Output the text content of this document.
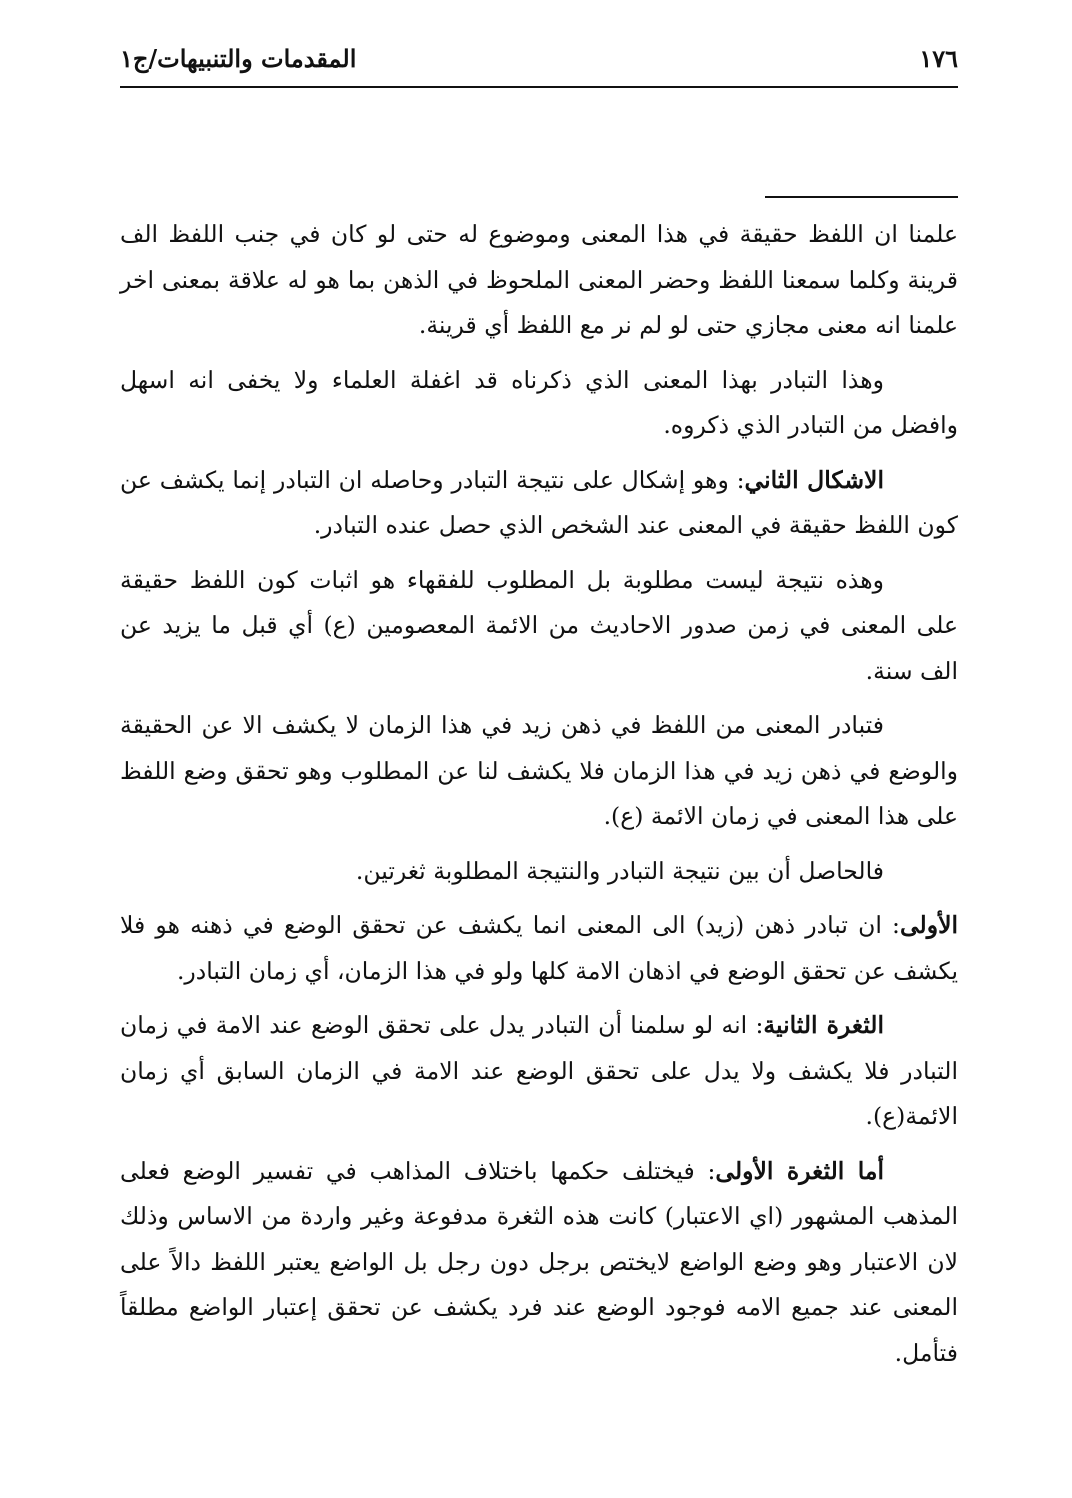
١٧٦
المقدمات والتنبيهات/ج١

علمنا ان اللفظ حقيقة في هذا المعنى وموضوع له حتى لو كان في جنب اللفظ الف قرينة وكلما سمعنا اللفظ وحضر المعنى الملحوظ في الذهن بما هو له علاقة بمعنى اخر علمنا انه معنى مجازي حتى لو لم نر مع اللفظ أي قرينة.

وهذا التبادر بهذا المعنى الذي ذكرناه قد اغفلة العلماء ولا يخفى انه اسهل وافضل من التبادر الذي ذكروه.

الاشكال الثاني: وهو إشكال على نتيجة التبادر وحاصله ان التبادر إنما يكشف عن كون اللفظ حقيقة في المعنى عند الشخص الذي حصل عنده التبادر.

وهذه نتيجة ليست مطلوبة بل المطلوب للفقهاء هو اثبات كون اللفظ حقيقة على المعنى في زمن صدور الاحاديث من الائمة المعصومين (ع) أي قبل ما يزيد عن الف سنة.

فتبادر المعنى من اللفظ في ذهن زيد في هذا الزمان لا يكشف الا عن الحقيقة والوضع في ذهن زيد في هذا الزمان فلا يكشف لنا عن المطلوب وهو تحقق وضع اللفظ على هذا المعنى في زمان الائمة (ع).

فالحاصل أن بين نتيجة التبادر والنتيجة المطلوبة ثغرتين.

الأولى: ان تبادر ذهن (زيد) الى المعنى انما يكشف عن تحقق الوضع في ذهنه هو فلا يكشف عن تحقق الوضع في اذهان الامة كلها ولو في هذا الزمان، أي زمان التبادر.

الثغرة الثانية: انه لو سلمنا أن التبادر يدل على تحقق الوضع عند الامة في زمان التبادر فلا يكشف ولا يدل على تحقق الوضع عند الامة في الزمان السابق أي زمان الائمة(ع).

أما الثغرة الأولى: فيختلف حكمها باختلاف المذاهب في تفسير الوضع فعلى المذهب المشهور (اي الاعتبار) كانت هذه الثغرة مدفوعة وغير واردة من الاساس وذلك لان الاعتبار وهو وضع الواضع لايختص برجل دون رجل بل الواضع يعتبر اللفظ دالاً على المعنى عند جميع الامه فوجود الوضع عند فرد يكشف عن تحقق إعتبار الواضع مطلقاً فتأمل.
